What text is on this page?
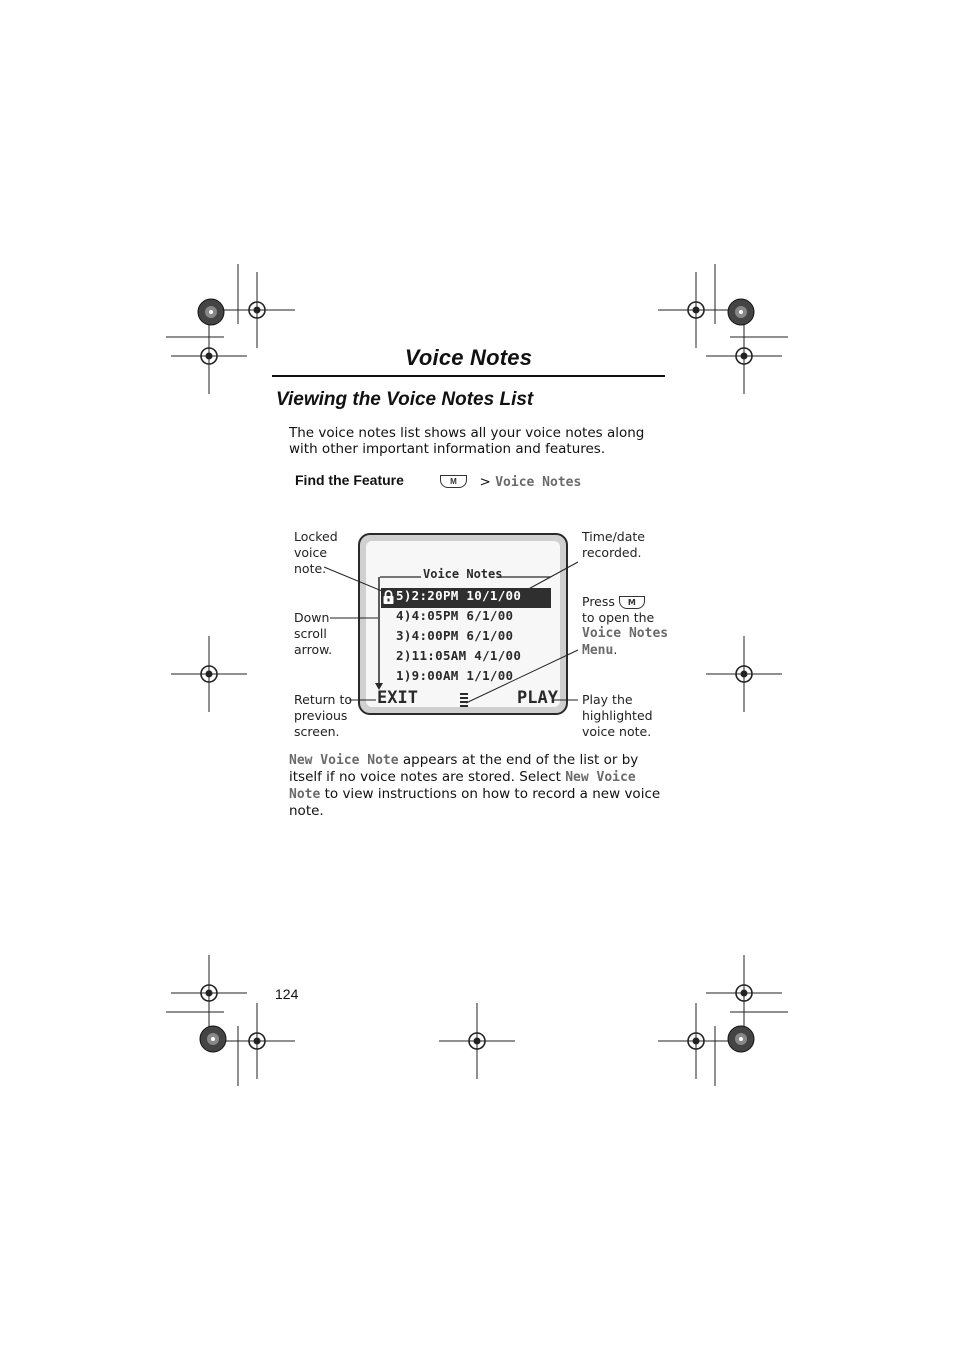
Voice Notes
Viewing the Voice Notes List
The voice notes list shows all your voice notes along with other important information and features.
Find the Feature	M > Voice Notes
Voice Notes
5)2:20PM 10/1/00
4)4:05PM 6/1/00
3)4:00PM 6/1/00
2)11:05AM 4/1/00
1)9:00AM 1/1/00
EXIT	PLAY
Locked
voice
note.
Down
scroll
arrow.
Return to
previous
screen.
Time/date
recorded.
Press M
to open the
Voice Notes
Menu.
Play the
highlighted
voice note.
New Voice Note appears at the end of the list or by itself if no voice notes are stored. Select New Voice Note to view instructions on how to record a new voice note.
124
